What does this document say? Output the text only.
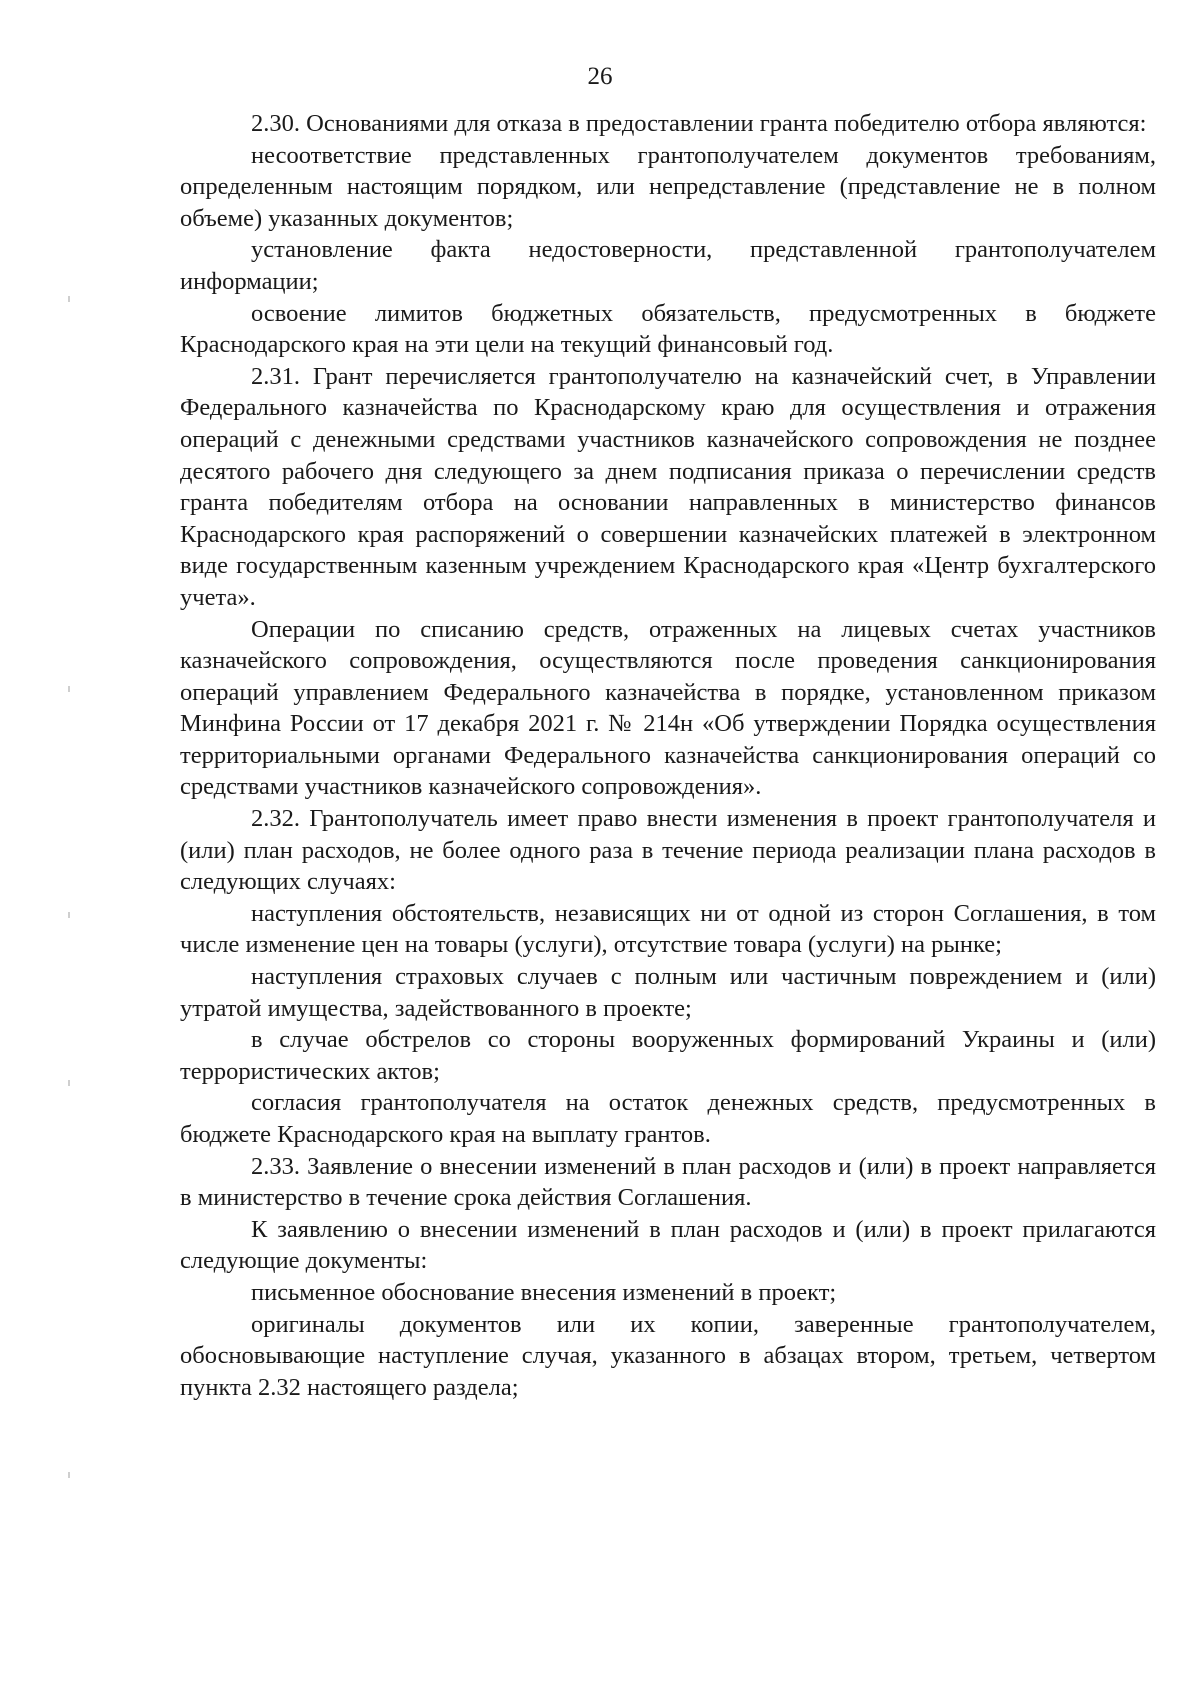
26

2.30. Основаниями для отказа в предоставлении гранта победителю отбора являются:

несоответствие представленных грантополучателем документов требованиям, определенным настоящим порядком, или непредставление (представление не в полном объеме) указанных документов;

установление факта недостоверности, представленной грантополучателем информации;

освоение лимитов бюджетных обязательств, предусмотренных в бюджете Краснодарского края на эти цели на текущий финансовый год.

2.31. Грант перечисляется грантополучателю на казначейский счет, в Управлении Федерального казначейства по Краснодарскому краю для осуществления и отражения операций с денежными средствами участников казначейского сопровождения не позднее десятого рабочего дня следующего за днем подписания приказа о перечислении средств гранта победителям отбора на основании направленных в министерство финансов Краснодарского края распоряжений о совершении казначейских платежей в электронном виде государственным казенным учреждением Краснодарского края «Центр бухгалтерского учета».

Операции по списанию средств, отраженных на лицевых счетах участников казначейского сопровождения, осуществляются после проведения санкционирования операций управлением Федерального казначейства в порядке, установленном приказом Минфина России от 17 декабря 2021 г. № 214н «Об утверждении Порядка осуществления территориальными органами Федерального казначейства санкционирования операций со средствами участников казначейского сопровождения».

2.32. Грантополучатель имеет право внести изменения в проект грантополучателя и (или) план расходов, не более одного раза в течение периода реализации плана расходов в следующих случаях:

наступления обстоятельств, независящих ни от одной из сторон Соглашения, в том числе изменение цен на товары (услуги), отсутствие товара (услуги) на рынке;

наступления страховых случаев с полным или частичным повреждением и (или) утратой имущества, задействованного в проекте;

в случае обстрелов со стороны вооруженных формирований Украины и (или) террористических актов;

согласия грантополучателя на остаток денежных средств, предусмотренных в бюджете Краснодарского края на выплату грантов.

2.33. Заявление о внесении изменений в план расходов и (или) в проект направляется в министерство в течение срока действия Соглашения.

К заявлению о внесении изменений в план расходов и (или) в проект прилагаются следующие документы:

письменное обоснование внесения изменений в проект;

оригиналы документов или их копии, заверенные грантополучателем, обосновывающие наступление случая, указанного в абзацах втором, третьем, четвертом пункта 2.32 настоящего раздела;
